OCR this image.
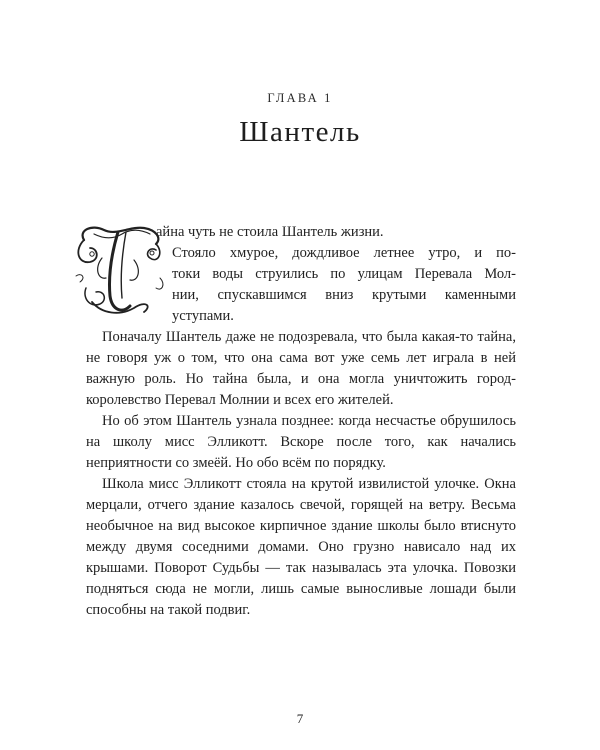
ГЛАВА 1
Шантель

айна чуть не стоила Шантель жизни.

Стояло хмурое, дождливое летнее утро, и по-

токи воды струились по улицам Перевала Мол-

нии, спускавшимся вниз крутыми каменными

уступами.

Поначалу Шантель даже не подозревала, что была какая-то тайна, не говоря уж о том, что она сама вот уже семь лет играла в ней важную роль. Но тайна была, и она могла уничтожить город-королевство Перевал Молнии и всех его жителей.

Но об этом Шантель узнала позднее: когда несчастье обрушилось на школу мисс Элликотт. Вскоре после того, как начались неприятности со змеёй. Но обо всём по порядку.

Школа мисс Элликотт стояла на крутой извилистой улочке. Окна мерцали, отчего здание казалось свечой, горящей на ветру. Весьма необычное на вид высокое кирпичное здание школы было втиснуто между двумя соседними домами. Оно грузно нависало над их крышами. Поворот Судьбы — так называлась эта улочка. Повозки подняться сюда не могли, лишь самые выносливые лошади были способны на такой подвиг.

7
